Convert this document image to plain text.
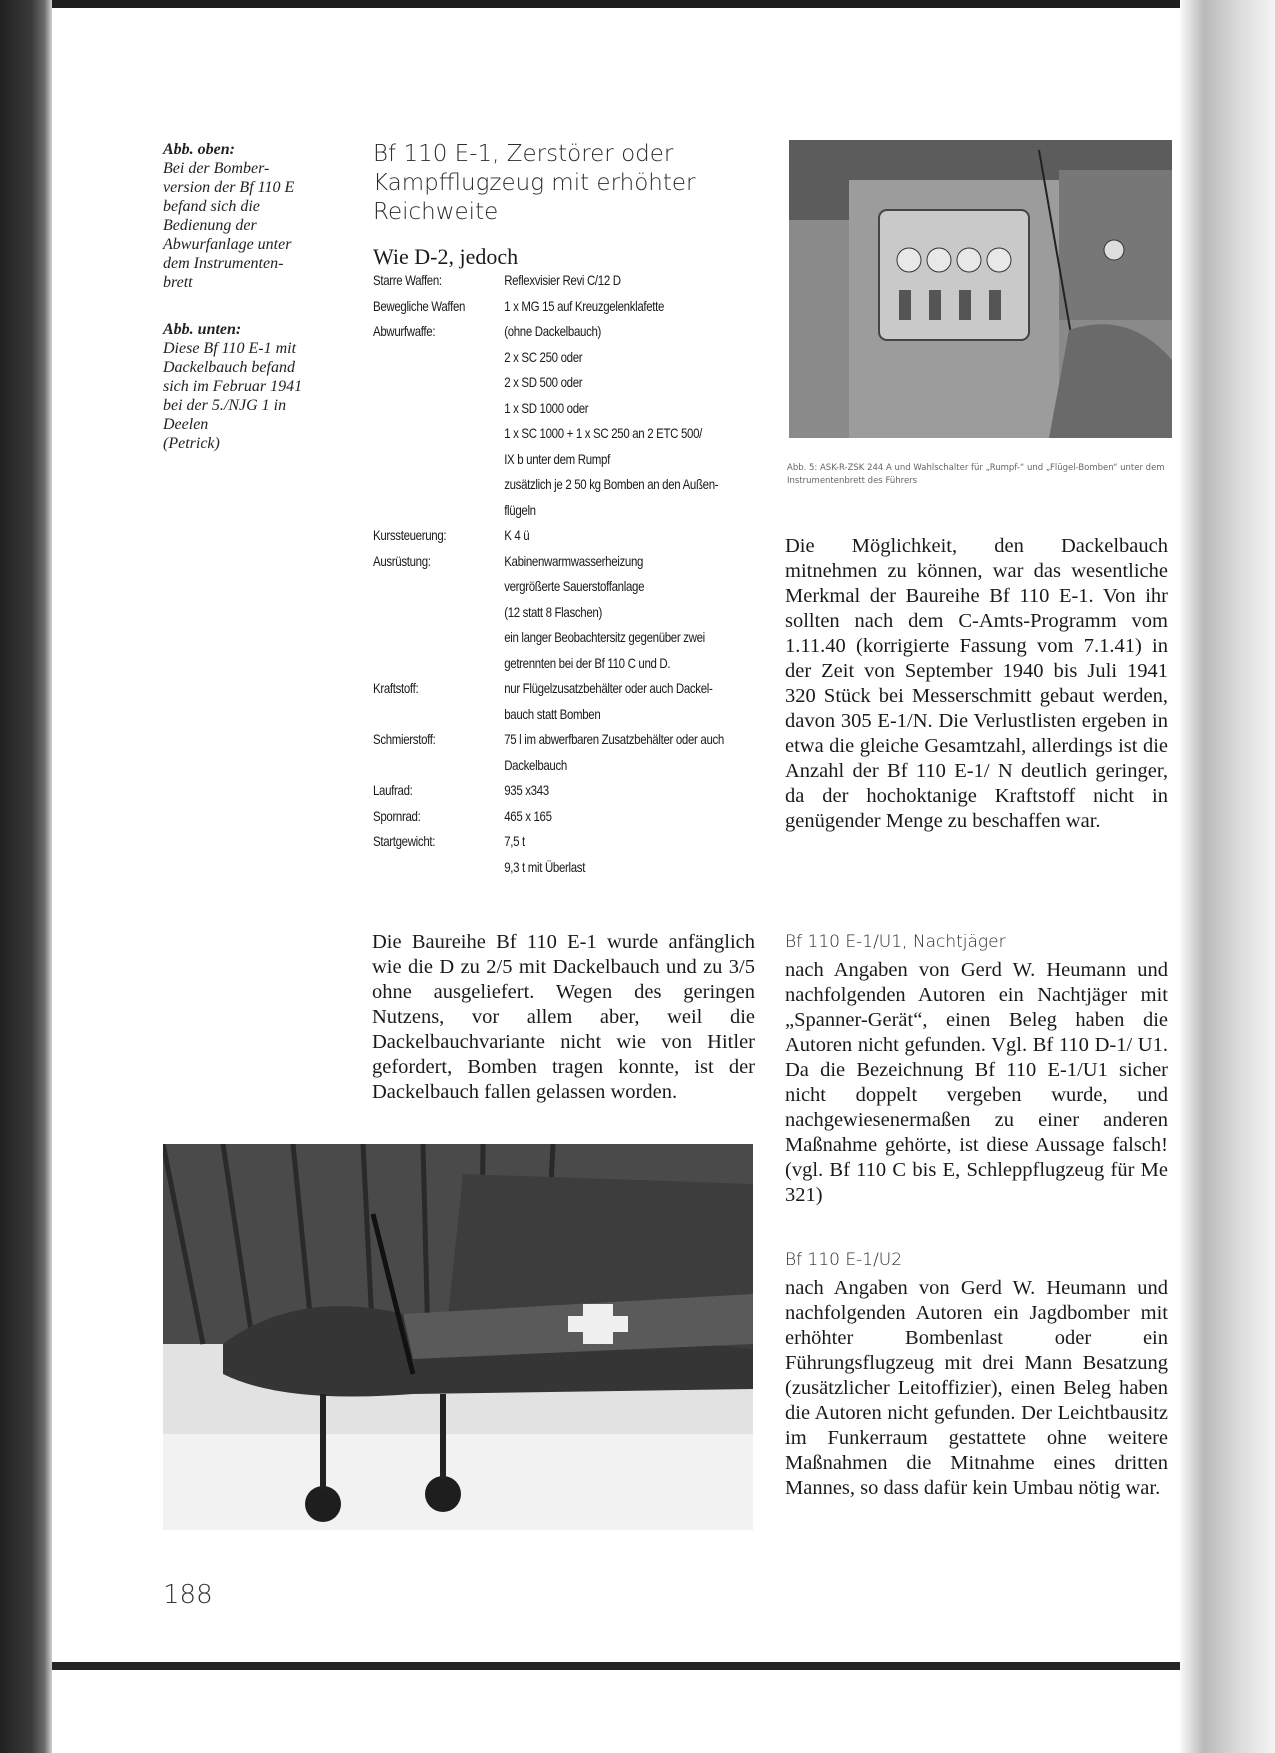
Abb. oben:
Bei der Bomber-
version der Bf 110 E
befand sich die
Bedienung der
Abwurfanlage unter
dem Instrumenten-
brett
Abb. unten:
Diese Bf 110 E-1 mit
Dackelbauch befand
sich im Februar 1941
bei der 5./NJG 1 in
Deelen
(Petrick)
Bf 110 E-1, Zerstörer oder
Kampfflugzeug mit erhöhter
Reichweite
Wie D-2, jedoch
Starre Waffen:	Reflexvisier Revi C/12 D
Bewegliche Waffen	1 x MG 15 auf Kreuzgelenklafette
Abwurfwaffe:	(ohne Dackelbauch)
2 x SC 250 oder
2 x SD 500 oder
1 x SD 1000 oder
1 x SC 1000 + 1 x SC 250 an 2 ETC 500/
IX b unter dem Rumpf
zusätzlich je 2 50 kg Bomben an den Außen-
flügeln
Kurssteuerung:	K 4 ü
Ausrüstung:	Kabinenwarmwasserheizung
vergrößerte Sauerstoffanlage
(12 statt 8 Flaschen)
ein langer Beobachtersitz gegenüber zwei
getrennten bei der Bf 110 C und D.
Kraftstoff:	nur Flügelzusatzbehälter oder auch Dackel-
bauch statt Bomben
Schmierstoff:	75 l im abwerfbaren Zusatzbehälter oder auch
Dackelbauch
Laufrad:	935 x343
Spornrad:	465 x 165
Startgewicht:	7,5 t
9,3 t mit Überlast
Abb. 5: ASK-R-ZSK 244 A und Wahlschalter für „Rumpf-“ und „Flügel-Bomben“ unter dem Instrumentenbrett des Führers
Die Möglichkeit, den Dackelbauch mitnehmen zu können, war das wesentliche Merkmal der Baureihe Bf 110 E-1. Von ihr sollten nach dem C-Amts-Programm vom 1.11.40 (korrigierte Fassung vom 7.1.41) in der Zeit von September 1940 bis Juli 1941 320 Stück bei Messerschmitt gebaut werden, davon 305 E-1/N. Die Verlustlisten ergeben in etwa die gleiche Gesamtzahl, allerdings ist die Anzahl der Bf 110 E-1/ N deutlich geringer, da der hochoktanige Kraftstoff nicht in genügender Menge zu beschaffen war.
Die Baureihe Bf 110 E-1 wurde anfänglich wie die D zu 2/5 mit Dackelbauch und zu 3/5 ohne ausgeliefert. Wegen des geringen Nutzens, vor allem aber, weil die Dackelbauchvariante nicht wie von Hitler gefordert, Bomben tragen konnte, ist der Dackelbauch fallen gelassen worden.
Bf 110 E-1/U1, Nachtjäger
nach Angaben von Gerd W. Heumann und nachfolgenden Autoren ein Nachtjäger mit „Spanner-Gerät“, einen Beleg haben die Autoren nicht gefunden. Vgl. Bf 110 D-1/ U1. Da die Bezeichnung Bf 110 E-1/U1 sicher nicht doppelt vergeben wurde, und nachgewiesenermaßen zu einer anderen Maßnahme gehörte, ist diese Aussage falsch! (vgl. Bf 110 C bis E, Schleppflugzeug für Me 321)
Bf 110 E-1/U2
nach Angaben von Gerd W. Heumann und nachfolgenden Autoren ein Jagdbomber mit erhöhter Bombenlast oder ein Führungsflugzeug mit drei Mann Besatzung (zusätzlicher Leitoffizier), einen Beleg haben die Autoren nicht gefunden. Der Leichtbausitz im Funkerraum gestattete ohne weitere Maßnahmen die Mitnahme eines dritten Mannes, so dass dafür kein Umbau nötig war.
188
